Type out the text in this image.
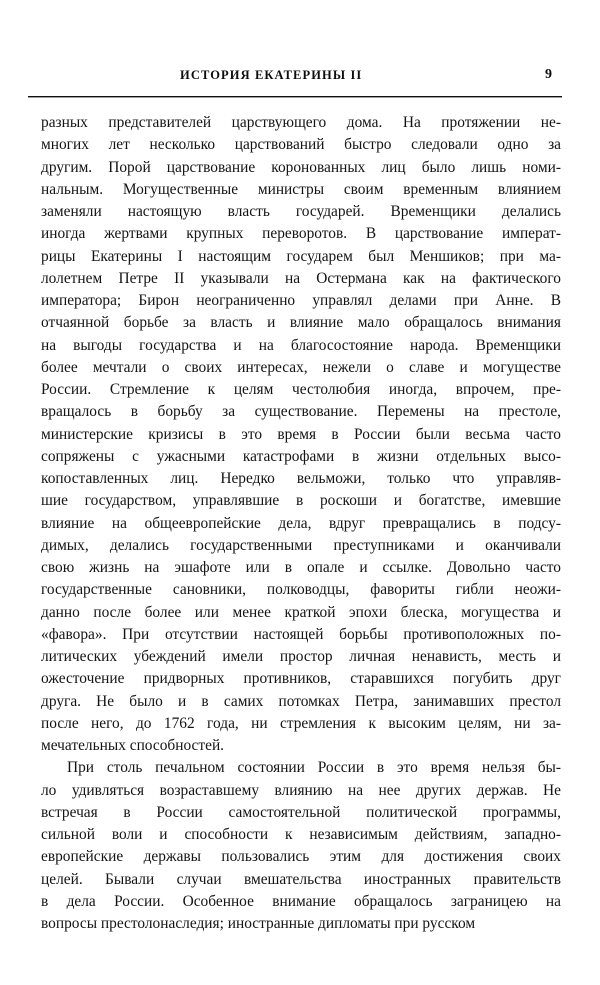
ИСТОРИЯ ЕКАТЕРИНЫ II	9

разных представителей царствующего дома. На протяжении не-
многих лет несколько царствований быстро следовали одно за
другим. Порой царствование коронованных лиц было лишь номи-
нальным. Могущественные министры своим временным влиянием
заменяли настоящую власть государей. Временщики делались
иногда жертвами крупных переворотов. В царствование императ-
рицы Екатерины I настоящим государем был Меншиков; при ма-
лолетнем Петре II указывали на Остермана как на фактического
императора; Бирон неограниченно управлял делами при Анне. В
отчаянной борьбе за власть и влияние мало обращалось внимания
на выгоды государства и на благосостояние народа. Временщики
более мечтали о своих интересах, нежели о славе и могуществе
России. Стремление к целям честолюбия иногда, впрочем, пре-
вращалось в борьбу за существование. Перемены на престоле,
министерские кризисы в это время в России были весьма часто
сопряжены с ужасными катастрофами в жизни отдельных высо-
копоставленных лиц. Нередко вельможи, только что управляв-
шие государством, управлявшие в роскоши и богатстве, имевшие
влияние на общеевропейские дела, вдруг превращались в подсу-
димых, делались государственными преступниками и оканчивали
свою жизнь на эшафоте или в опале и ссылке. Довольно часто
государственные сановники, полководцы, фавориты гибли неожи-
данно после более или менее краткой эпохи блеска, могущества и
«фавора». При отсутствии настоящей борьбы противоположных по-
литических убеждений имели простор личная ненависть, месть и
ожесточение придворных противников, старавшихся погубить друг
друга. Не было и в самих потомках Петра, занимавших престол
после него, до 1762 года, ни стремления к высоким целям, ни за-
мечательных способностей.

При столь печальном состоянии России в это время нельзя бы-
ло удивляться возраставшему влиянию на нее других держав. Не
встречая в России самостоятельной политической программы,
сильной воли и способности к независимым действиям, западно-
европейские державы пользовались этим для достижения своих
целей. Бывали случаи вмешательства иностранных правительств
в дела России. Особенное внимание обращалось заграницею на
вопросы престолонаследия; иностранные дипломаты при русском
